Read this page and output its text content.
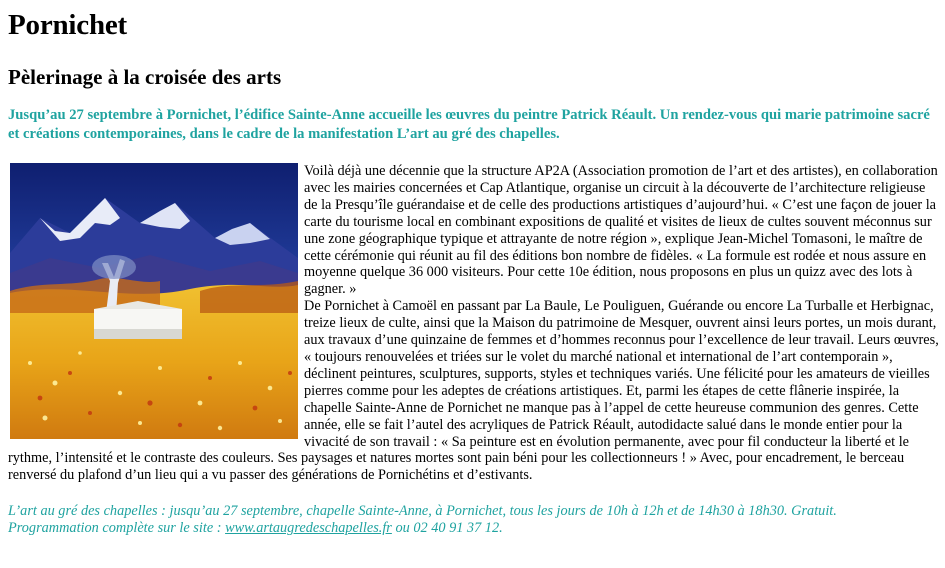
Pornichet
Pèlerinage à la croisée des arts

Jusqu’au 27 septembre à Pornichet, l’édifice Sainte-Anne accueille les œuvres du peintre Patrick Réault. Un rendez-vous qui marie patrimoine sacré et créations contemporaines, dans le cadre de la manifestation L’art au gré des chapelles.

Voilà déjà une décennie que la structure AP2A (Association promotion de l’art et des artistes), en collaboration avec les mairies concernées et Cap Atlantique, organise un circuit à la découverte de l’architecture religieuse de la Presqu’île guérandaise et de celle des productions artistiques d’aujourd’hui. « C’est une façon de jouer la carte du tourisme local en combinant expositions de qualité et visites de lieux de cultes souvent méconnus sur une zone géographique typique et attrayante de notre région », explique Jean-Michel Tomasoni, le maître de cette cérémonie qui réunit au fil des éditions bon nombre de fidèles. « La formule est rodée et nous assure en moyenne quelque 36 000 visiteurs. Pour cette 10e édition, nous proposons en plus un quizz avec des lots à gagner. »

De Pornichet à Camoël en passant par La Baule, Le Pouliguen, Guérande ou encore La Turballe et Herbignac, treize lieux de culte, ainsi que la Maison du patrimoine de Mesquer, ouvrent ainsi leurs portes, un mois durant, aux travaux d’une quinzaine de femmes et d’hommes reconnus pour l’excellence de leur travail. Leurs œuvres, « toujours renouvelées et triées sur le volet du marché national et international de l’art contemporain », déclinent peintures, sculptures, supports, styles et techniques variés. Une félicité pour les amateurs de vieilles pierres comme pour les adeptes de créations artistiques. Et, parmi les étapes de cette flânerie inspirée, la chapelle Sainte-Anne de Pornichet ne manque pas à l’appel de cette heureuse communion des genres. Cette année, elle se fait l’autel des acryliques de Patrick Réault, autodidacte salué dans le monde entier pour la vivacité de son travail : « Sa peinture est en évolution permanente, avec pour fil conducteur la liberté et le rythme, l’intensité et le contraste des couleurs. Ses paysages et natures mortes sont pain béni pour les collectionneurs ! » Avec, pour encadrement, le berceau renversé du plafond d’un lieu qui a vu passer des générations de Pornichétins et d’estivants.

L’art au gré des chapelles : jusqu’au 27 septembre, chapelle Sainte-Anne, à Pornichet, tous les jours de 10h à 12h et de 14h30 à 18h30. Gratuit.
Programmation complète sur le site : www.artaugredeschapelles.fr ou 02 40 91 37 12.
